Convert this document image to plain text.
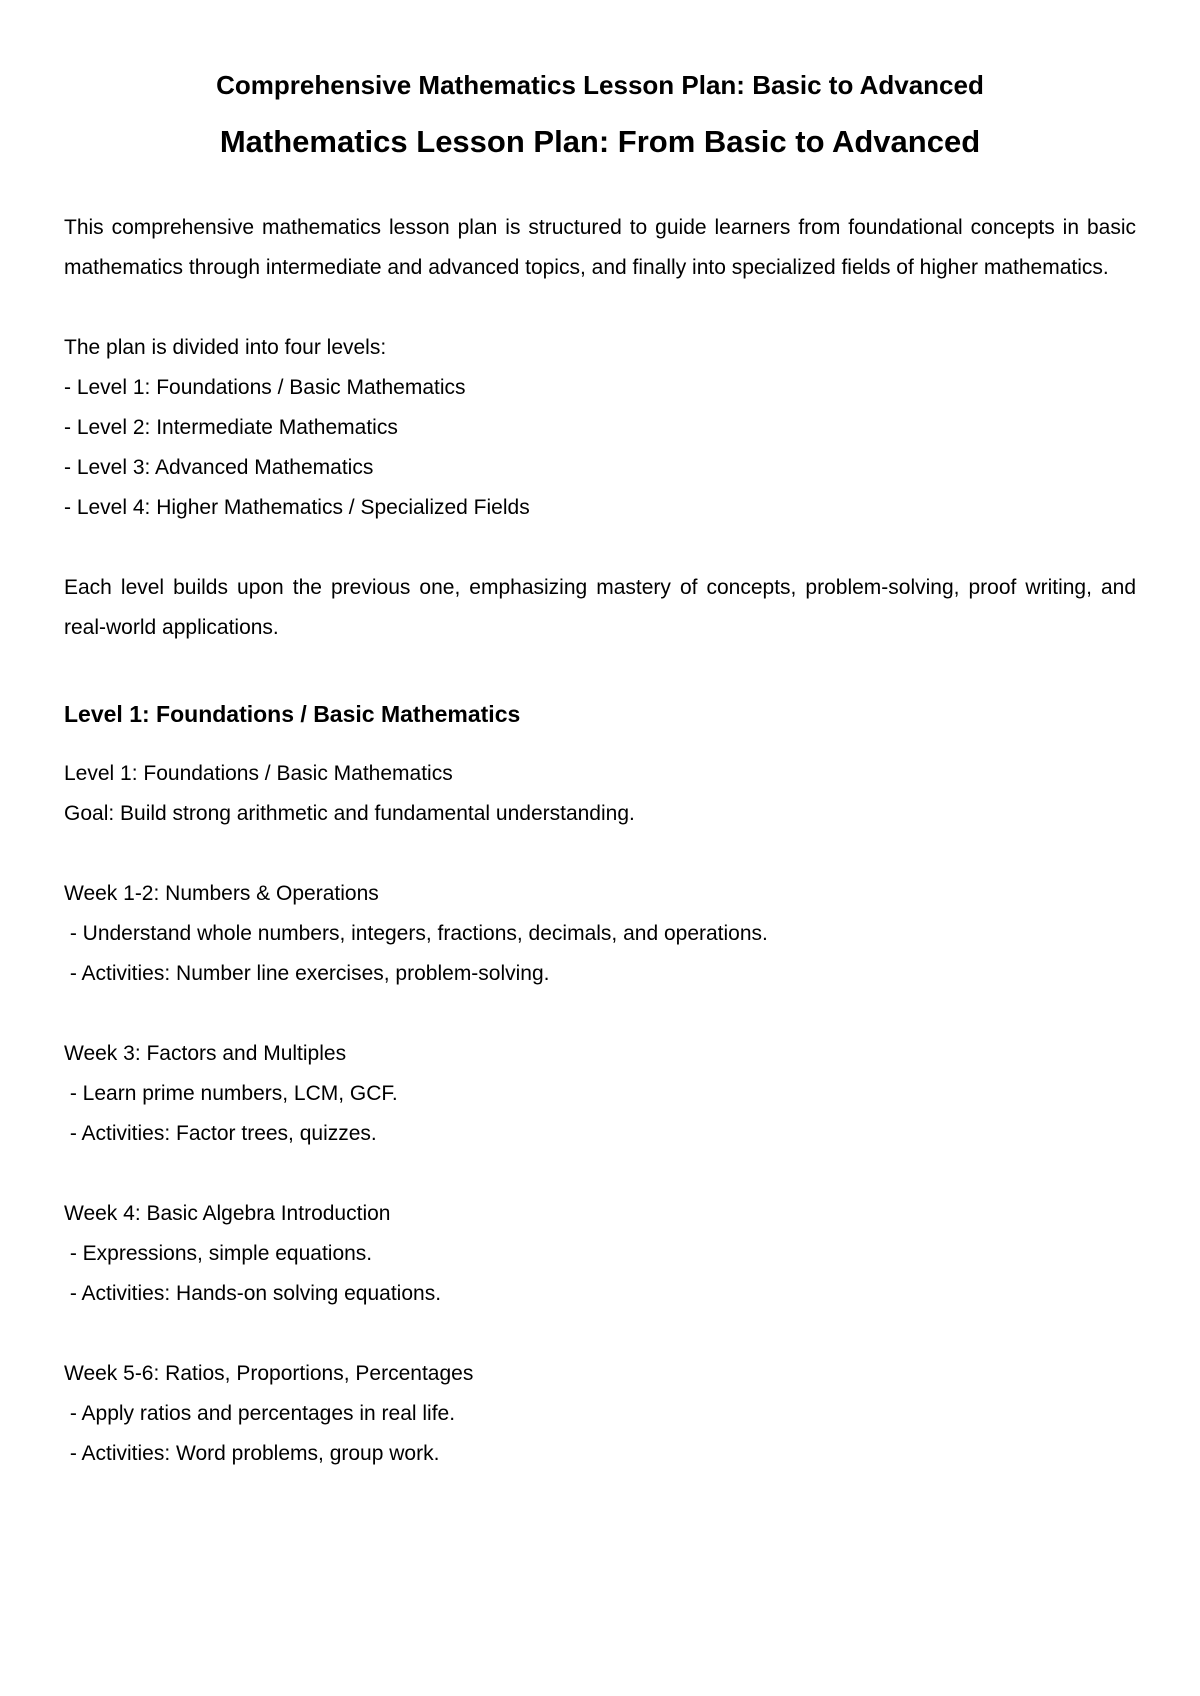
Comprehensive Mathematics Lesson Plan: Basic to Advanced
Mathematics Lesson Plan: From Basic to Advanced

This comprehensive mathematics lesson plan is structured to guide learners from foundational concepts in basic mathematics through intermediate and advanced topics, and finally into specialized fields of higher mathematics.

The plan is divided into four levels:
- Level 1: Foundations / Basic Mathematics
- Level 2: Intermediate Mathematics
- Level 3: Advanced Mathematics
- Level 4: Higher Mathematics / Specialized Fields

Each level builds upon the previous one, emphasizing mastery of concepts, problem-solving, proof writing, and real-world applications.

Level 1: Foundations / Basic Mathematics
Level 1: Foundations / Basic Mathematics
Goal: Build strong arithmetic and fundamental understanding.
Week 1-2: Numbers & Operations
- Understand whole numbers, integers, fractions, decimals, and operations.
- Activities: Number line exercises, problem-solving.
Week 3: Factors and Multiples
- Learn prime numbers, LCM, GCF.
- Activities: Factor trees, quizzes.
Week 4: Basic Algebra Introduction
- Expressions, simple equations.
- Activities: Hands-on solving equations.
Week 5-6: Ratios, Proportions, Percentages
- Apply ratios and percentages in real life.
- Activities: Word problems, group work.
